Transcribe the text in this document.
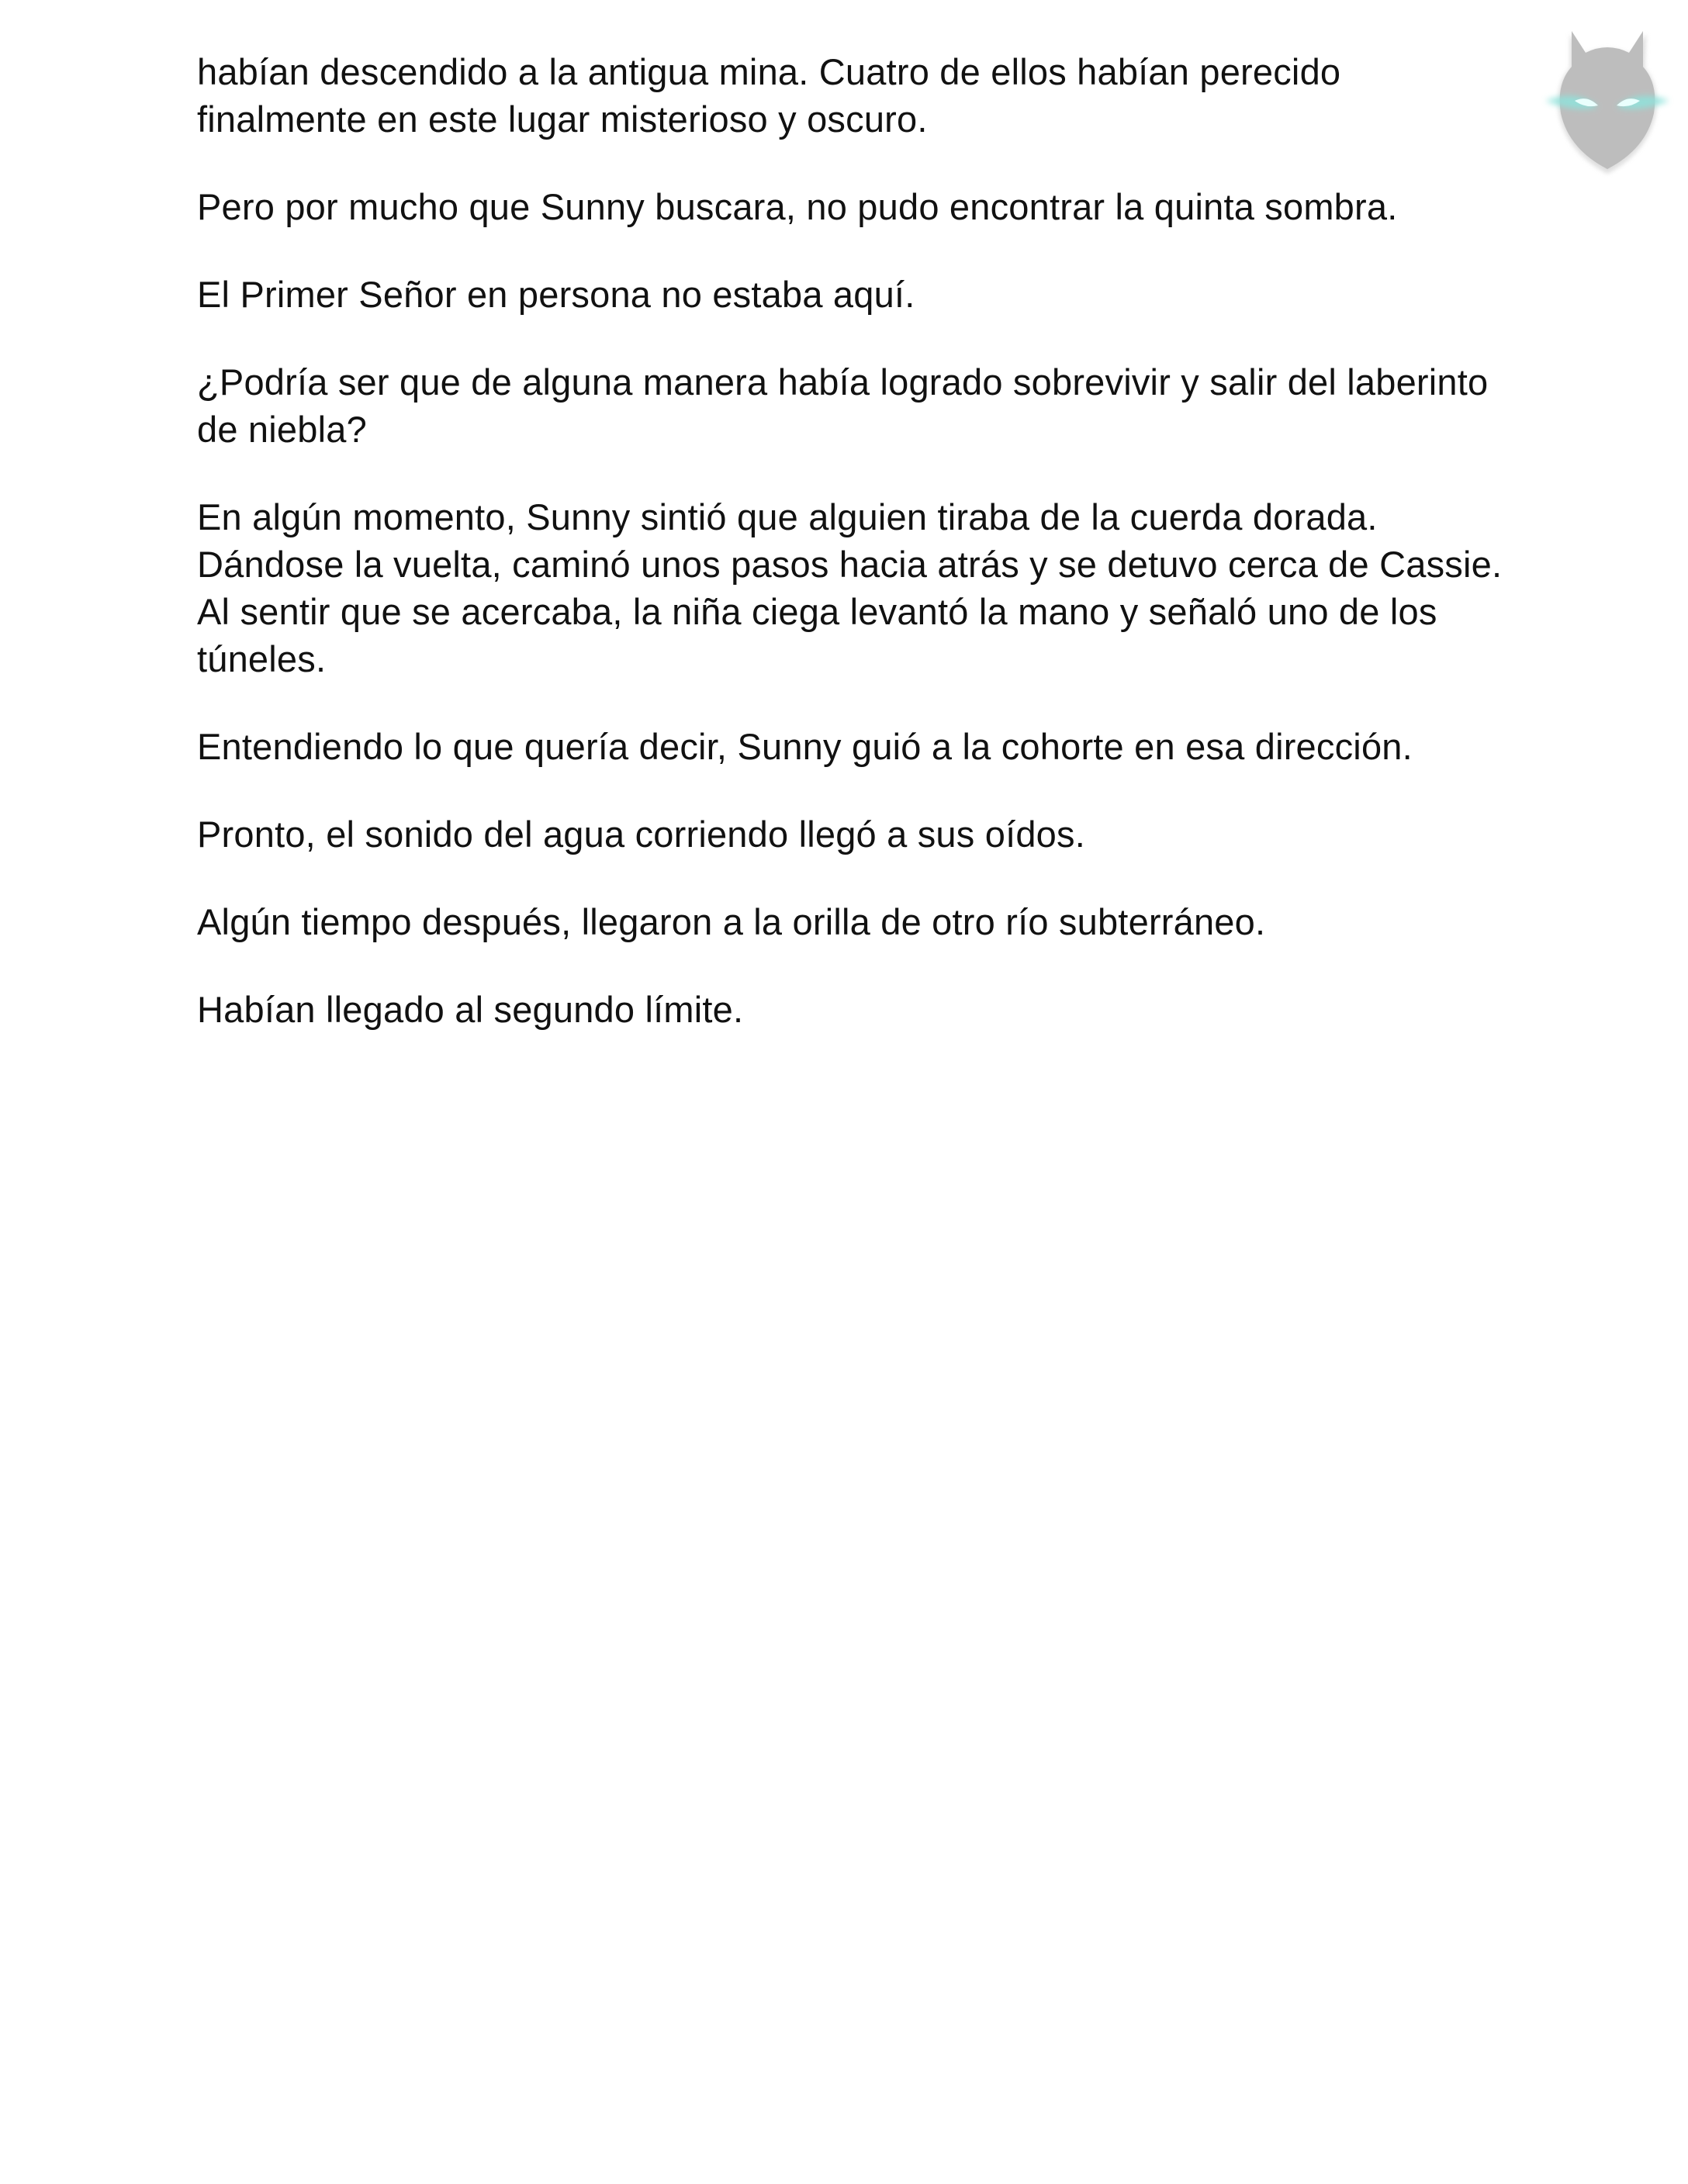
habían descendido a la antigua mina. Cuatro de ellos habían perecido finalmente en este lugar misterioso y oscuro.

Pero por mucho que Sunny buscara, no pudo encontrar la quinta sombra.

El Primer Señor en persona no estaba aquí.

¿Podría ser que de alguna manera había logrado sobrevivir y salir del laberinto de niebla?

En algún momento, Sunny sintió que alguien tiraba de la cuerda dorada. Dándose la vuelta, caminó unos pasos hacia atrás y se detuvo cerca de Cassie. Al sentir que se acercaba, la niña ciega levantó la mano y señaló uno de los túneles.

Entendiendo lo que quería decir, Sunny guió a la cohorte en esa dirección.

Pronto, el sonido del agua corriendo llegó a sus oídos.

Algún tiempo después, llegaron a la orilla de otro río subterráneo.

Habían llegado al segundo límite.
